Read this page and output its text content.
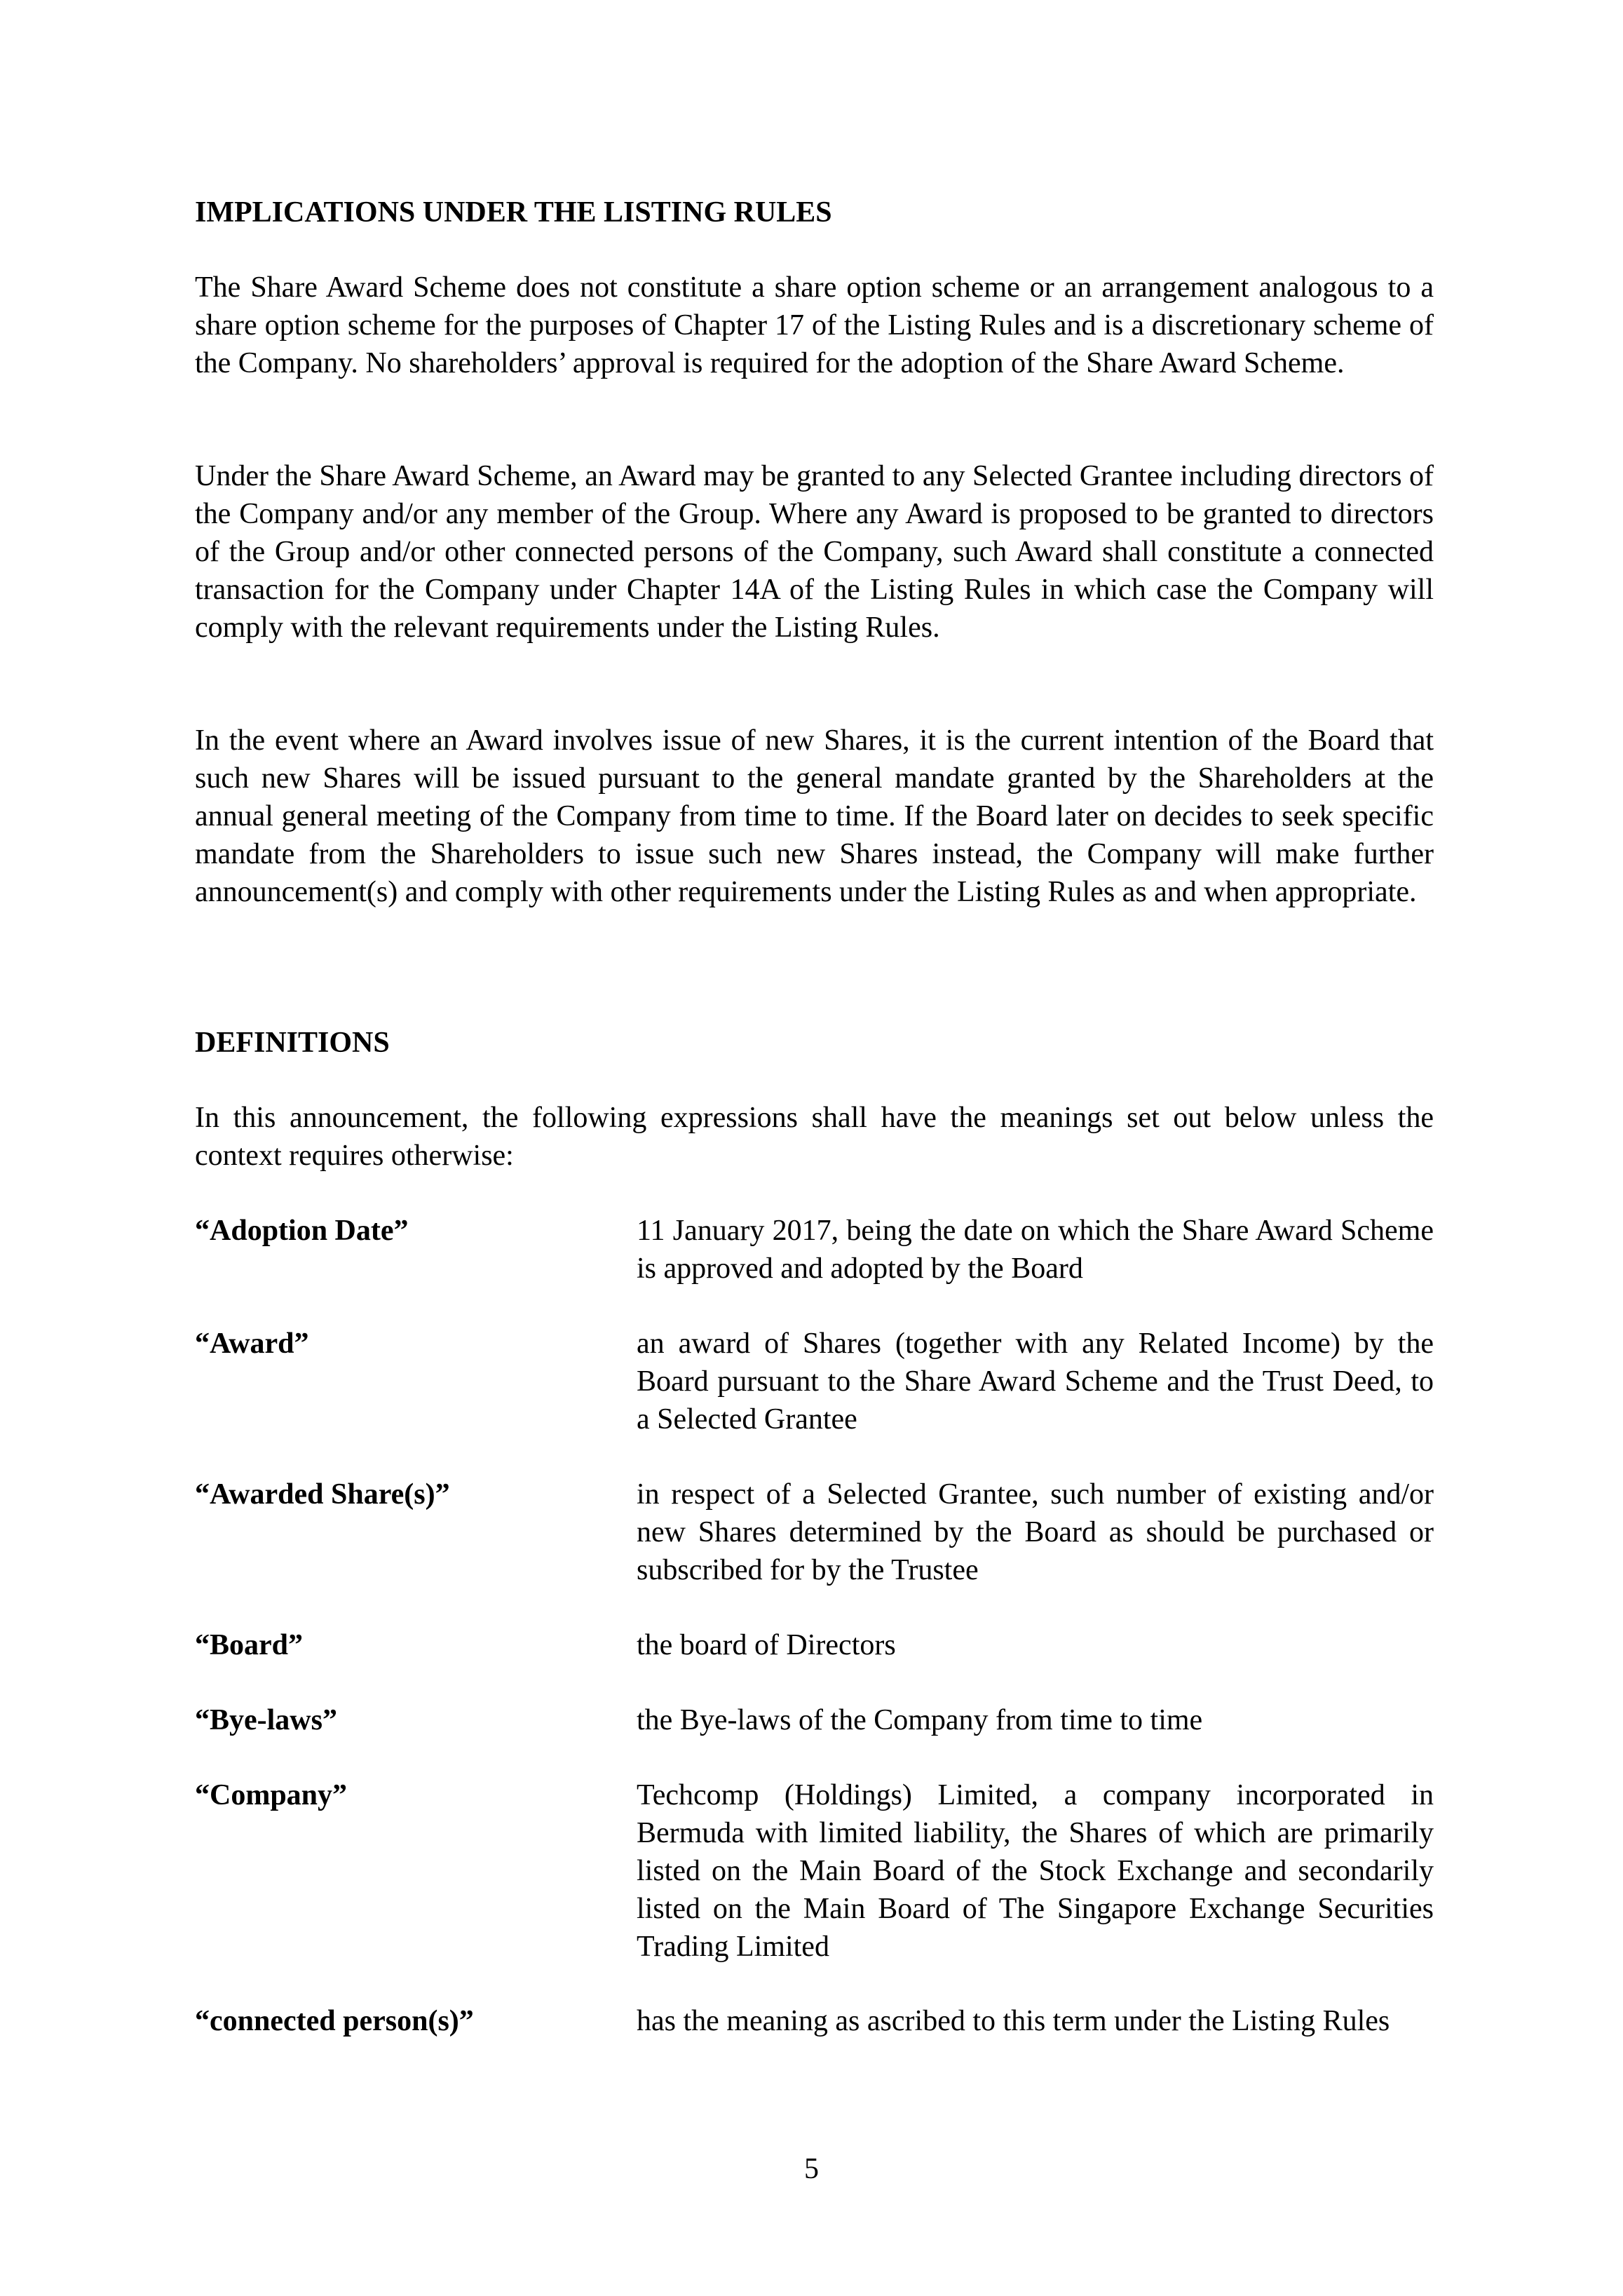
IMPLICATIONS UNDER THE LISTING RULES

The Share Award Scheme does not constitute a share option scheme or an arrangement analogous to a share option scheme for the purposes of Chapter 17 of the Listing Rules and is a discretionary scheme of the Company. No shareholders’ approval is required for the adoption of the Share Award Scheme.

Under the Share Award Scheme, an Award may be granted to any Selected Grantee including directors of the Company and/or any member of the Group. Where any Award is proposed to be granted to directors of the Group and/or other connected persons of the Company, such Award shall constitute a connected transaction for the Company under Chapter 14A of the Listing Rules in which case the Company will comply with the relevant requirements under the Listing Rules.

In the event where an Award involves issue of new Shares, it is the current intention of the Board that such new Shares will be issued pursuant to the general mandate granted by the Shareholders at the annual general meeting of the Company from time to time. If the Board later on decides to seek specific mandate from the Shareholders to issue such new Shares instead, the Company will make further announcement(s) and comply with other requirements under the Listing Rules as and when appropriate.

DEFINITIONS

In this announcement, the following expressions shall have the meanings set out below unless the context requires otherwise:

“Adoption Date”	11 January 2017, being the date on which the Share Award Scheme is approved and adopted by the Board
“Award”	an award of Shares (together with any Related Income) by the Board pursuant to the Share Award Scheme and the Trust Deed, to a Selected Grantee
“Awarded Share(s)”	in respect of a Selected Grantee, such number of existing and/or new Shares determined by the Board as should be purchased or subscribed for by the Trustee
“Board”	the board of Directors
“Bye-laws”	the Bye-laws of the Company from time to time
“Company”	Techcomp (Holdings) Limited, a company incorporated in Bermuda with limited liability, the Shares of which are primarily listed on the Main Board of the Stock Exchange and secondarily listed on the Main Board of The Singapore Exchange Securities Trading Limited
“connected person(s)”	has the meaning as ascribed to this term under the Listing Rules
5
